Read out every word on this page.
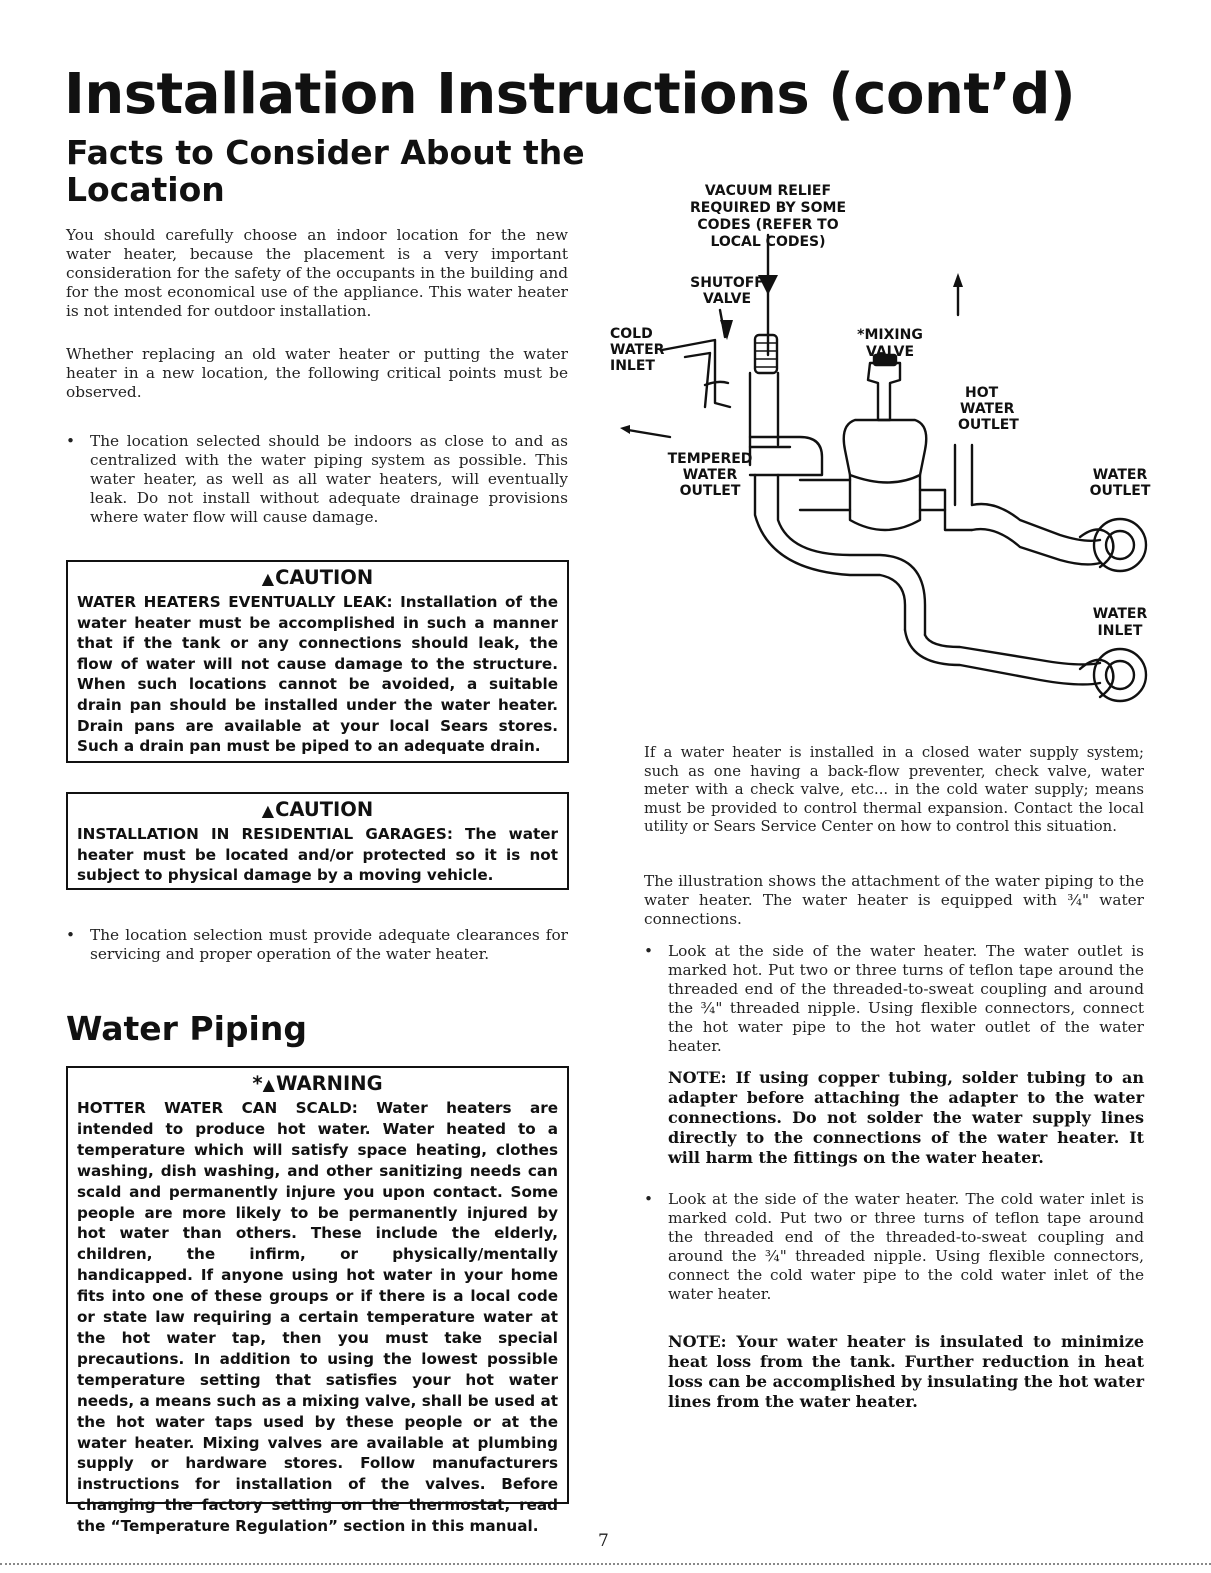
Installation Instructions (cont’d)
Facts to Consider About the Location
You should carefully choose an indoor location for the new water heater, because the placement is a very important consideration for the safety of the occupants in the building and for the most economical use of the appliance. This water heater is not intended for outdoor installation.
Whether replacing an old water heater or putting the water heater in a new location, the following critical points must be observed.
• The location selected should be indoors as close to and as centralized with the water piping system as possible. This water heater, as well as all water heaters, will eventually leak. Do not install without adequate drainage provisions where water flow will cause damage.
▲CAUTION
WATER HEATERS EVENTUALLY LEAK: Installation of the water heater must be accomplished in such a manner that if the tank or any connections should leak, the flow of water will not cause damage to the structure. When such locations cannot be avoided, a suitable drain pan should be installed under the water heater. Drain pans are available at your local Sears stores. Such a drain pan must be piped to an adequate drain.
▲CAUTION
INSTALLATION IN RESIDENTIAL GARAGES: The water heater must be located and/or protected so it is not subject to physical damage by a moving vehicle.
• The location selection must provide adequate clearances for servicing and proper operation of the water heater.
Water Piping
*▲WARNING
HOTTER WATER CAN SCALD: Water heaters are intended to produce hot water. Water heated to a temperature which will satisfy space heating, clothes washing, dish washing, and other sanitizing needs can scald and permanently injure you upon contact. Some people are more likely to be permanently injured by hot water than others. These include the elderly, children, the infirm, or physically/mentally handicapped. If anyone using hot water in your home fits into one of these groups or if there is a local code or state law requiring a certain temperature water at the hot water tap, then you must take special precautions. In addition to using the lowest possible temperature setting that satisfies your hot water needs, a means such as a mixing valve, shall be used at the hot water taps used by these people or at the water heater. Mixing valves are available at plumbing supply or hardware stores. Follow manufacturers instructions for installation of the valves. Before changing the factory setting on the thermostat, read the “Temperature Regulation” section in this manual.
VACUUM RELIEF
REQUIRED BY SOME
CODES (REFER TO
LOCAL CODES)
SHUTOFF
VALVE
*MIXING
VALVE
TEMPERED
WATER
OUTLET
WATER
OUTLET
WATER
INLET
COLD
WATER
INLET
HOT
WATER
OUTLET
If a water heater is installed in a closed water supply system; such as one having a back-flow preventer, check valve, water meter with a check valve, etc... in the cold water supply; means must be provided to control thermal expansion. Contact the local utility or Sears Service Center on how to control this situation.
The illustration shows the attachment of the water piping to the water heater. The water heater is equipped with ¾" water connections.
• Look at the side of the water heater. The water outlet is marked hot. Put two or three turns of teflon tape around the threaded end of the threaded-to-sweat coupling and around the ¾" threaded nipple. Using flexible connectors, connect the hot water pipe to the hot water outlet of the water heater.
NOTE: If using copper tubing, solder tubing to an adapter before attaching the adapter to the water connections. Do not solder the water supply lines directly to the connections of the water heater. It will harm the fittings on the water heater.
• Look at the side of the water heater. The cold water inlet is marked cold. Put two or three turns of teflon tape around the threaded end of the threaded-to-sweat coupling and around the ¾" threaded nipple. Using flexible connectors, connect the cold water pipe to the cold water inlet of the water heater.
NOTE: Your water heater is insulated to minimize heat loss from the tank. Further reduction in heat loss can be accomplished by insulating the hot water lines from the water heater.
7
